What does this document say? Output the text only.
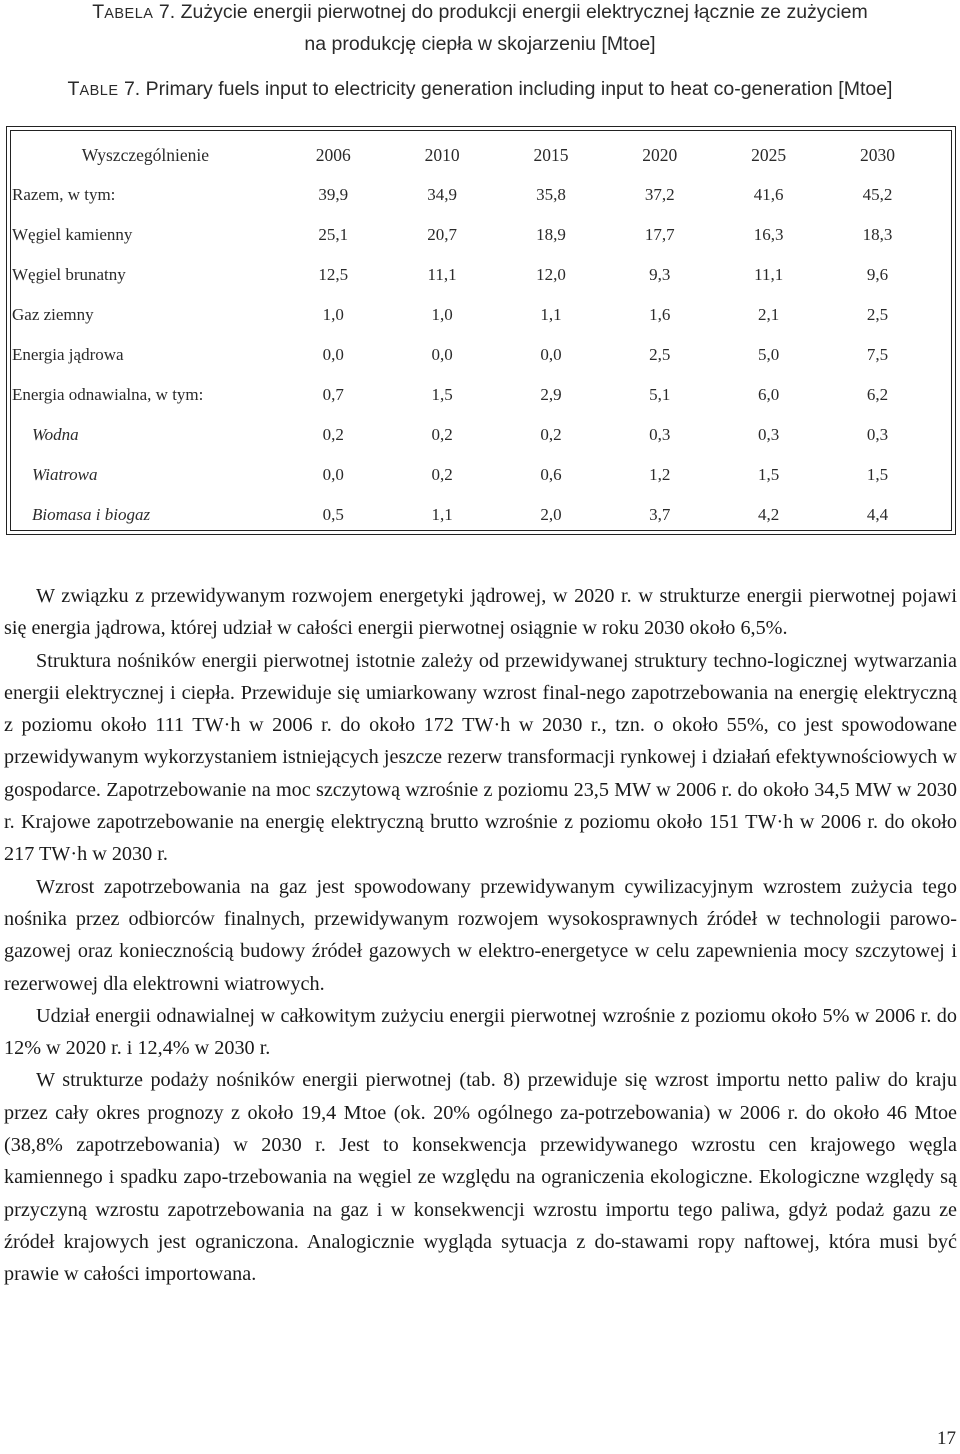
TABELA 7. Zużycie energii pierwotnej do produkcji energii elektrycznej łącznie ze zużyciem
na produkcję ciepła w skojarzeniu [Mtoe]
TABLE 7. Primary fuels input to electricity generation including input to heat co-generation [Mtoe]
Wyszczególnienie	2006	2010	2015	2020	2025	2030
Razem, w tym:	39,9	34,9	35,8	37,2	41,6	45,2
Węgiel kamienny	25,1	20,7	18,9	17,7	16,3	18,3
Węgiel brunatny	12,5	11,1	12,0	9,3	11,1	9,6
Gaz ziemny	1,0	1,0	1,1	1,6	2,1	2,5
Energia jądrowa	0,0	0,0	0,0	2,5	5,0	7,5
Energia odnawialna, w tym:	0,7	1,5	2,9	5,1	6,0	6,2
Wodna	0,2	0,2	0,2	0,3	0,3	0,3
Wiatrowa	0,0	0,2	0,6	1,2	1,5	1,5
Biomasa i biogaz	0,5	1,1	2,0	3,7	4,2	4,4

W związku z przewidywanym rozwojem energetyki jądrowej, w 2020 r. w strukturze energii pierwotnej pojawi się energia jądrowa, której udział w całości energii pierwotnej osiągnie w roku 2030 około 6,5%.

Struktura nośników energii pierwotnej istotnie zależy od przewidywanej struktury techno-logicznej wytwarzania energii elektrycznej i ciepła. Przewiduje się umiarkowany wzrost final-nego zapotrzebowania na energię elektryczną z poziomu około 111 TW·h w 2006 r. do około 172 TW·h w 2030 r., tzn. o około 55%, co jest spowodowane przewidywanym wykorzystaniem istniejących jeszcze rezerw transformacji rynkowej i działań efektywnościowych w gospodarce. Zapotrzebowanie na moc szczytową wzrośnie z poziomu 23,5 MW w 2006 r. do około 34,5 MW w 2030 r. Krajowe zapotrzebowanie na energię elektryczną brutto wzrośnie z poziomu około 151 TW·h w 2006 r. do około 217 TW·h w 2030 r.

Wzrost zapotrzebowania na gaz jest spowodowany przewidywanym cywilizacyjnym wzrostem zużycia tego nośnika przez odbiorców finalnych, przewidywanym rozwojem wysokosprawnych źródeł w technologii parowo-gazowej oraz koniecznością budowy źródeł gazowych w elektro-energetyce w celu zapewnienia mocy szczytowej i rezerwowej dla elektrowni wiatrowych.

Udział energii odnawialnej w całkowitym zużyciu energii pierwotnej wzrośnie z poziomu około 5% w 2006 r. do 12% w 2020 r. i 12,4% w 2030 r.

W strukturze podaży nośników energii pierwotnej (tab. 8) przewiduje się wzrost importu netto paliw do kraju przez cały okres prognozy z około 19,4 Mtoe (ok. 20% ogólnego za-potrzebowania) w 2006 r. do około 46 Mtoe (38,8% zapotrzebowania) w 2030 r. Jest to konsekwencja przewidywanego wzrostu cen krajowego węgla kamiennego i spadku zapo-trzebowania na węgiel ze względu na ograniczenia ekologiczne. Ekologiczne względy są przyczyną wzrostu zapotrzebowania na gaz i w konsekwencji wzrostu importu tego paliwa, gdyż podaż gazu ze źródeł krajowych jest ograniczona. Analogicznie wygląda sytuacja z do-stawami ropy naftowej, która musi być prawie w całości importowana.

17
